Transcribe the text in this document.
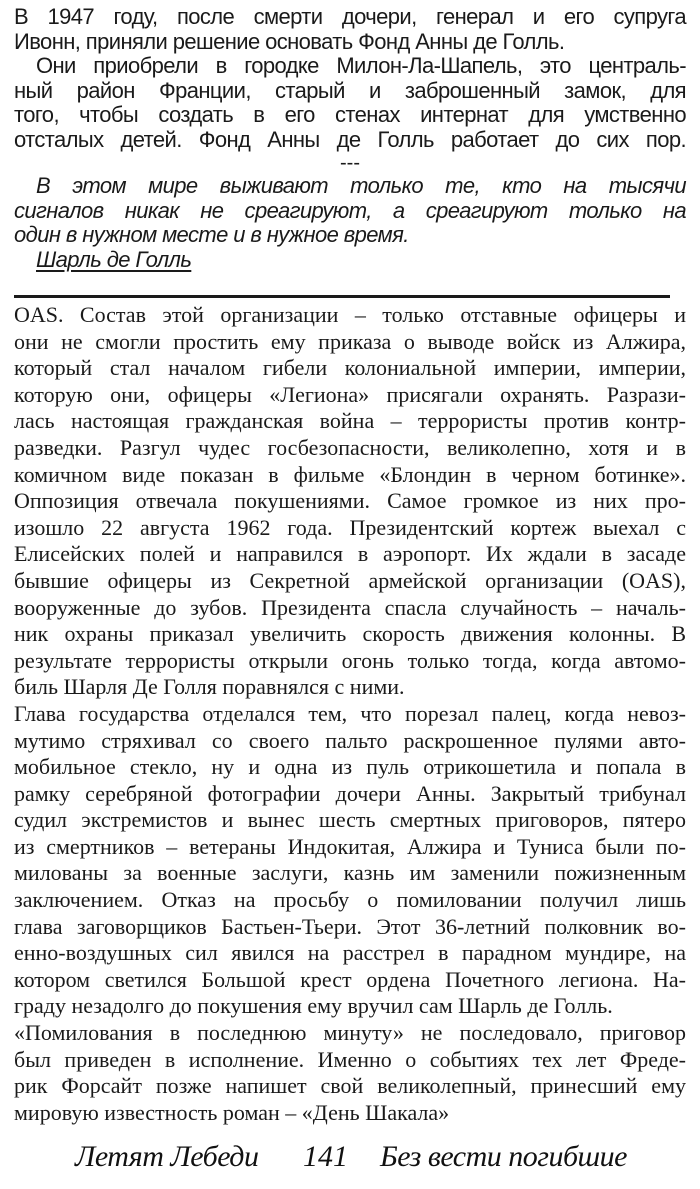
В 1947 году, после смерти дочери, генерал и его супруга
Ивонн, приняли решение основать Фонд Анны де Голль.
Они приобрели в городке Милон-Ла-Шапель, это централь-
ный район Франции, старый и заброшенный замок, для
того, чтобы создать в его стенах интернат для умственно
отсталых детей. Фонд Анны де Голль работает до сих пор.
---
В этом мире выживают только те, кто на тысячи
сигналов никак не среагируют, а среагируют только на
один в нужном месте и в нужное время.
Шарль де Голль
OAS. Состав этой организации – только отставные офицеры и
они не смогли простить ему приказа о выводе войск из Алжира,
который стал началом гибели колониальной империи, империи,
которую они, офицеры «Легиона» присягали охранять. Разрази-
лась настоящая гражданская война – террористы против контр-
разведки. Разгул чудес госбезопасности, великолепно, хотя и в
комичном виде показан в фильме «Блондин в черном ботинке».
Оппозиция отвечала покушениями. Самое громкое из них про-
изошло 22 августа 1962 года. Президентский кортеж выехал с
Елисейских полей и направился в аэропорт. Их ждали в засаде
бывшие офицеры из Секретной армейской организации (OAS),
вооруженные до зубов. Президента спасла случайность – началь-
ник охраны приказал увеличить скорость движения колонны. В
результате террористы открыли огонь только тогда, когда автомо-
биль Шарля Де Голля поравнялся с ними.
Глава государства отделался тем, что порезал палец, когда невоз-
мутимо стряхивал со своего пальто раскрошенное пулями авто-
мобильное стекло, ну и одна из пуль отрикошетила и попала в
рамку серебряной фотографии дочери Анны. Закрытый трибунал
судил экстремистов и вынес шесть смертных приговоров, пятеро
из смертников – ветераны Индокитая, Алжира и Туниса были по-
милованы за военные заслуги, казнь им заменили пожизненным
заключением. Отказ на просьбу о помиловании получил лишь
глава заговорщиков Бастьен-Тьери. Этот 36-летний полковник во-
енно-воздушных сил явился на расстрел в парадном мундире, на
котором светился Большой крест ордена Почетного легиона. На-
граду незадолго до покушения ему вручил сам Шарль де Голль.
«Помилования в последнюю минуту» не последовало, приговор
был приведен в исполнение. Именно о событиях тех лет Фреде-
рик Форсайт позже напишет свой великолепный, принесший ему
мировую известность роман – «День Шакала»
Летят Лебеди 141 Без вести погибшие
